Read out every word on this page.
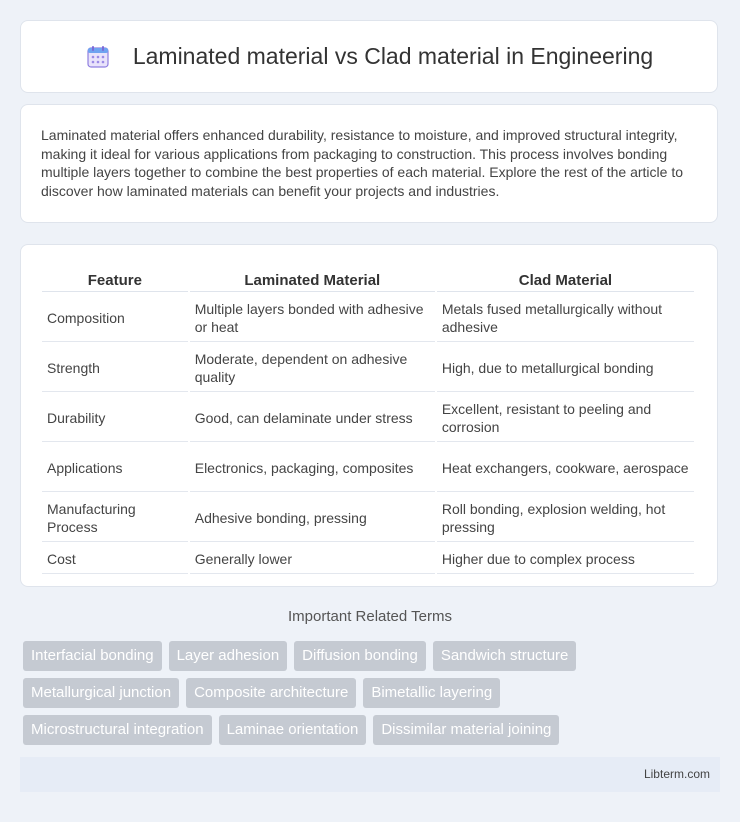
Laminated material vs Clad material in Engineering
Laminated material offers enhanced durability, resistance to moisture, and improved structural integrity, making it ideal for various applications from packaging to construction. This process involves bonding multiple layers together to combine the best properties of each material. Explore the rest of the article to discover how laminated materials can benefit your projects and industries.
Feature	Laminated Material	Clad Material
Composition	Multiple layers bonded with adhesive or heat	Metals fused metallurgically without adhesive
Strength	Moderate, dependent on adhesive quality	High, due to metallurgical bonding
Durability	Good, can delaminate under stress	Excellent, resistant to peeling and corrosion
Applications	Electronics, packaging, composites	Heat exchangers, cookware, aerospace
Manufacturing Process	Adhesive bonding, pressing	Roll bonding, explosion welding, hot pressing
Cost	Generally lower	Higher due to complex process
Important Related Terms
Interfacial bonding	Layer adhesion	Diffusion bonding	Sandwich structure
Metallurgical junction	Composite architecture	Bimetallic layering
Microstructural integration	Laminae orientation	Dissimilar material joining
Libterm.com
